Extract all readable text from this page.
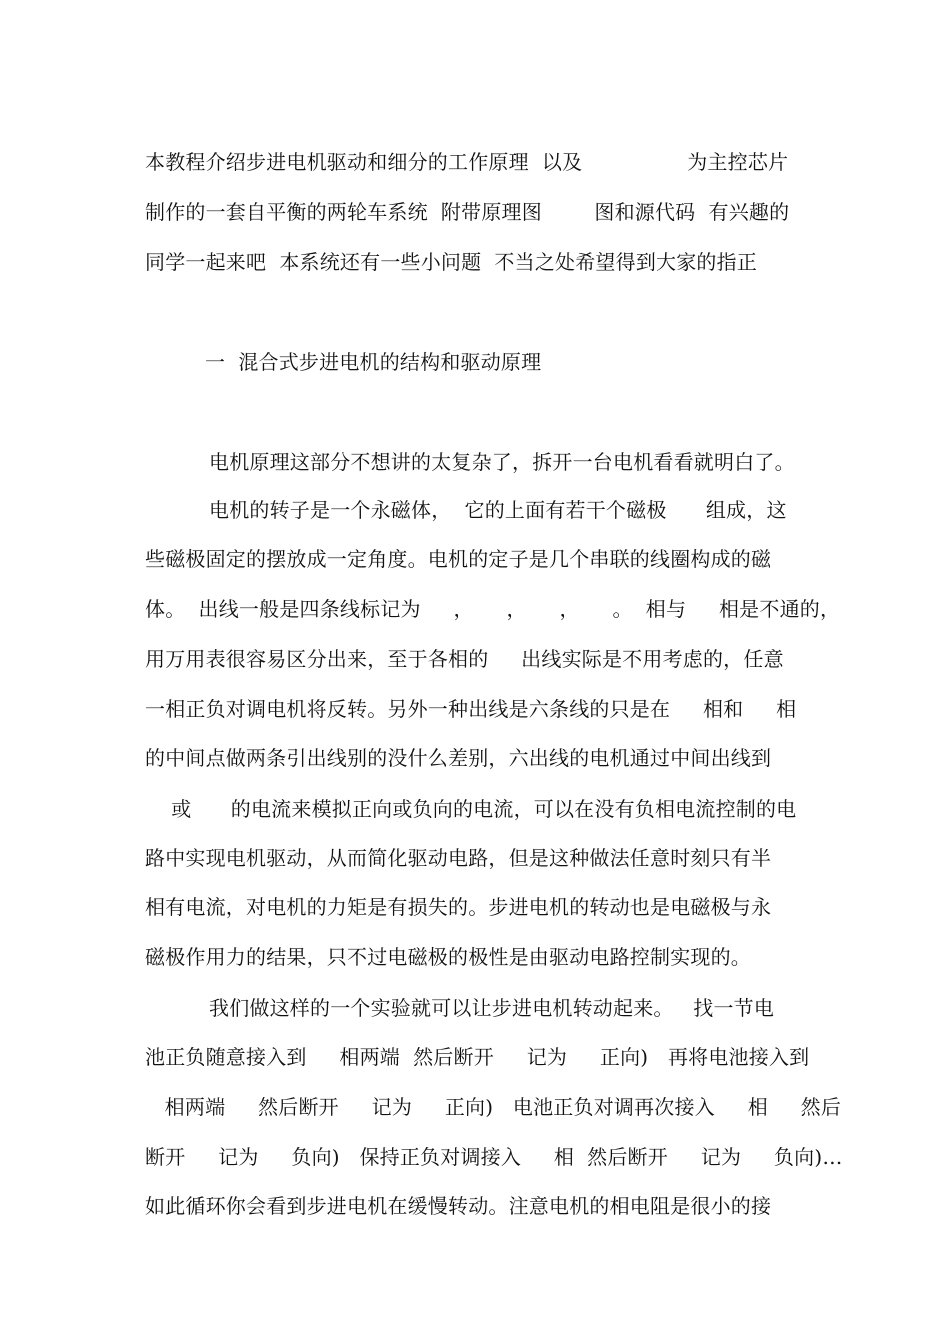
本教程介绍步进电机驱动和细分的工作原理  以及                为主控芯片
制作的一套自平衡的两轮车系统  附带原理图        图和源代码  有兴趣的
同学一起来吧  本系统还有一些小问题  不当之处希望得到大家的指正
一  混合式步进电机的结构和驱动原理
电机原理这部分不想讲的太复杂了，拆开一台电机看看就明白了。
电机的转子是一个永磁体，  它的上面有若干个磁极      组成，这
些磁极固定的摆放成一定角度。电机的定子是几个串联的线圈构成的磁
体。  出线一般是四条线标记为     ，     ，     ，     。  相与     相是不通的，
用万用表很容易区分出来，至于各相的     出线实际是不用考虑的，任意
一相正负对调电机将反转。另外一种出线是六条线的只是在     相和     相
的中间点做两条引出线别的没什么差别，六出线的电机通过中间出线到
或      的电流来模拟正向或负向的电流，可以在没有负相电流控制的电
路中实现电机驱动，从而简化驱动电路，但是这种做法任意时刻只有半
相有电流，对电机的力矩是有损失的。步进电机的转动也是电磁极与永
磁极作用力的结果，只不过电磁极的极性是由驱动电路控制实现的。
我们做这样的一个实验就可以让步进电机转动起来。   找一节电
池正负随意接入到     相两端  然后断开     记为     正向)   再将电池接入到
相两端     然后断开     记为     正向)   电池正负对调再次接入     相     然后
断开     记为     负向)   保持正负对调接入     相  然后断开     记为     负向)…
如此循环你会看到步进电机在缓慢转动。注意电机的相电阻是很小的接
